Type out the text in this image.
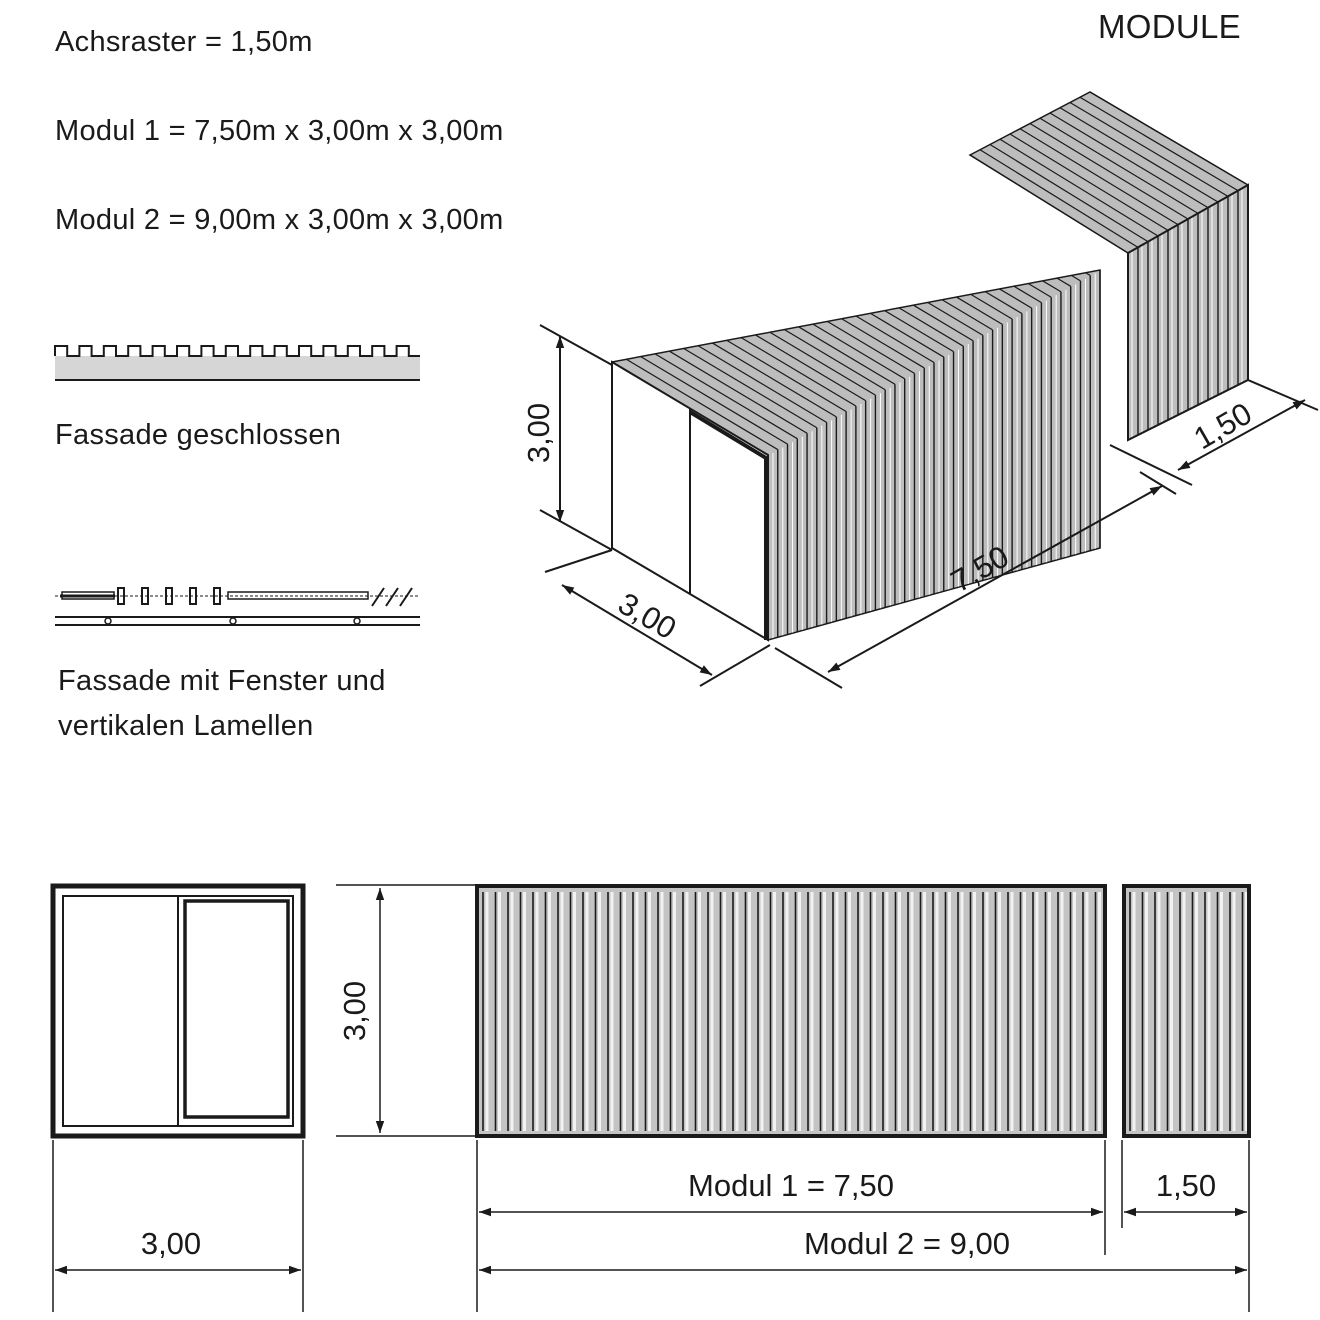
MODULE
Achsraster = 1,50m
Modul 1 = 7,50m x 3,00m x 3,00m
Modul 2 = 9,00m x 3,00m x 3,00m
Fassade geschlossen
Fassade mit Fenster und
vertikalen Lamellen
3,00
3,00
7,50
1,50
3,00
3,00
Modul 1 = 7,50	1,50
Modul 2 = 9,00
